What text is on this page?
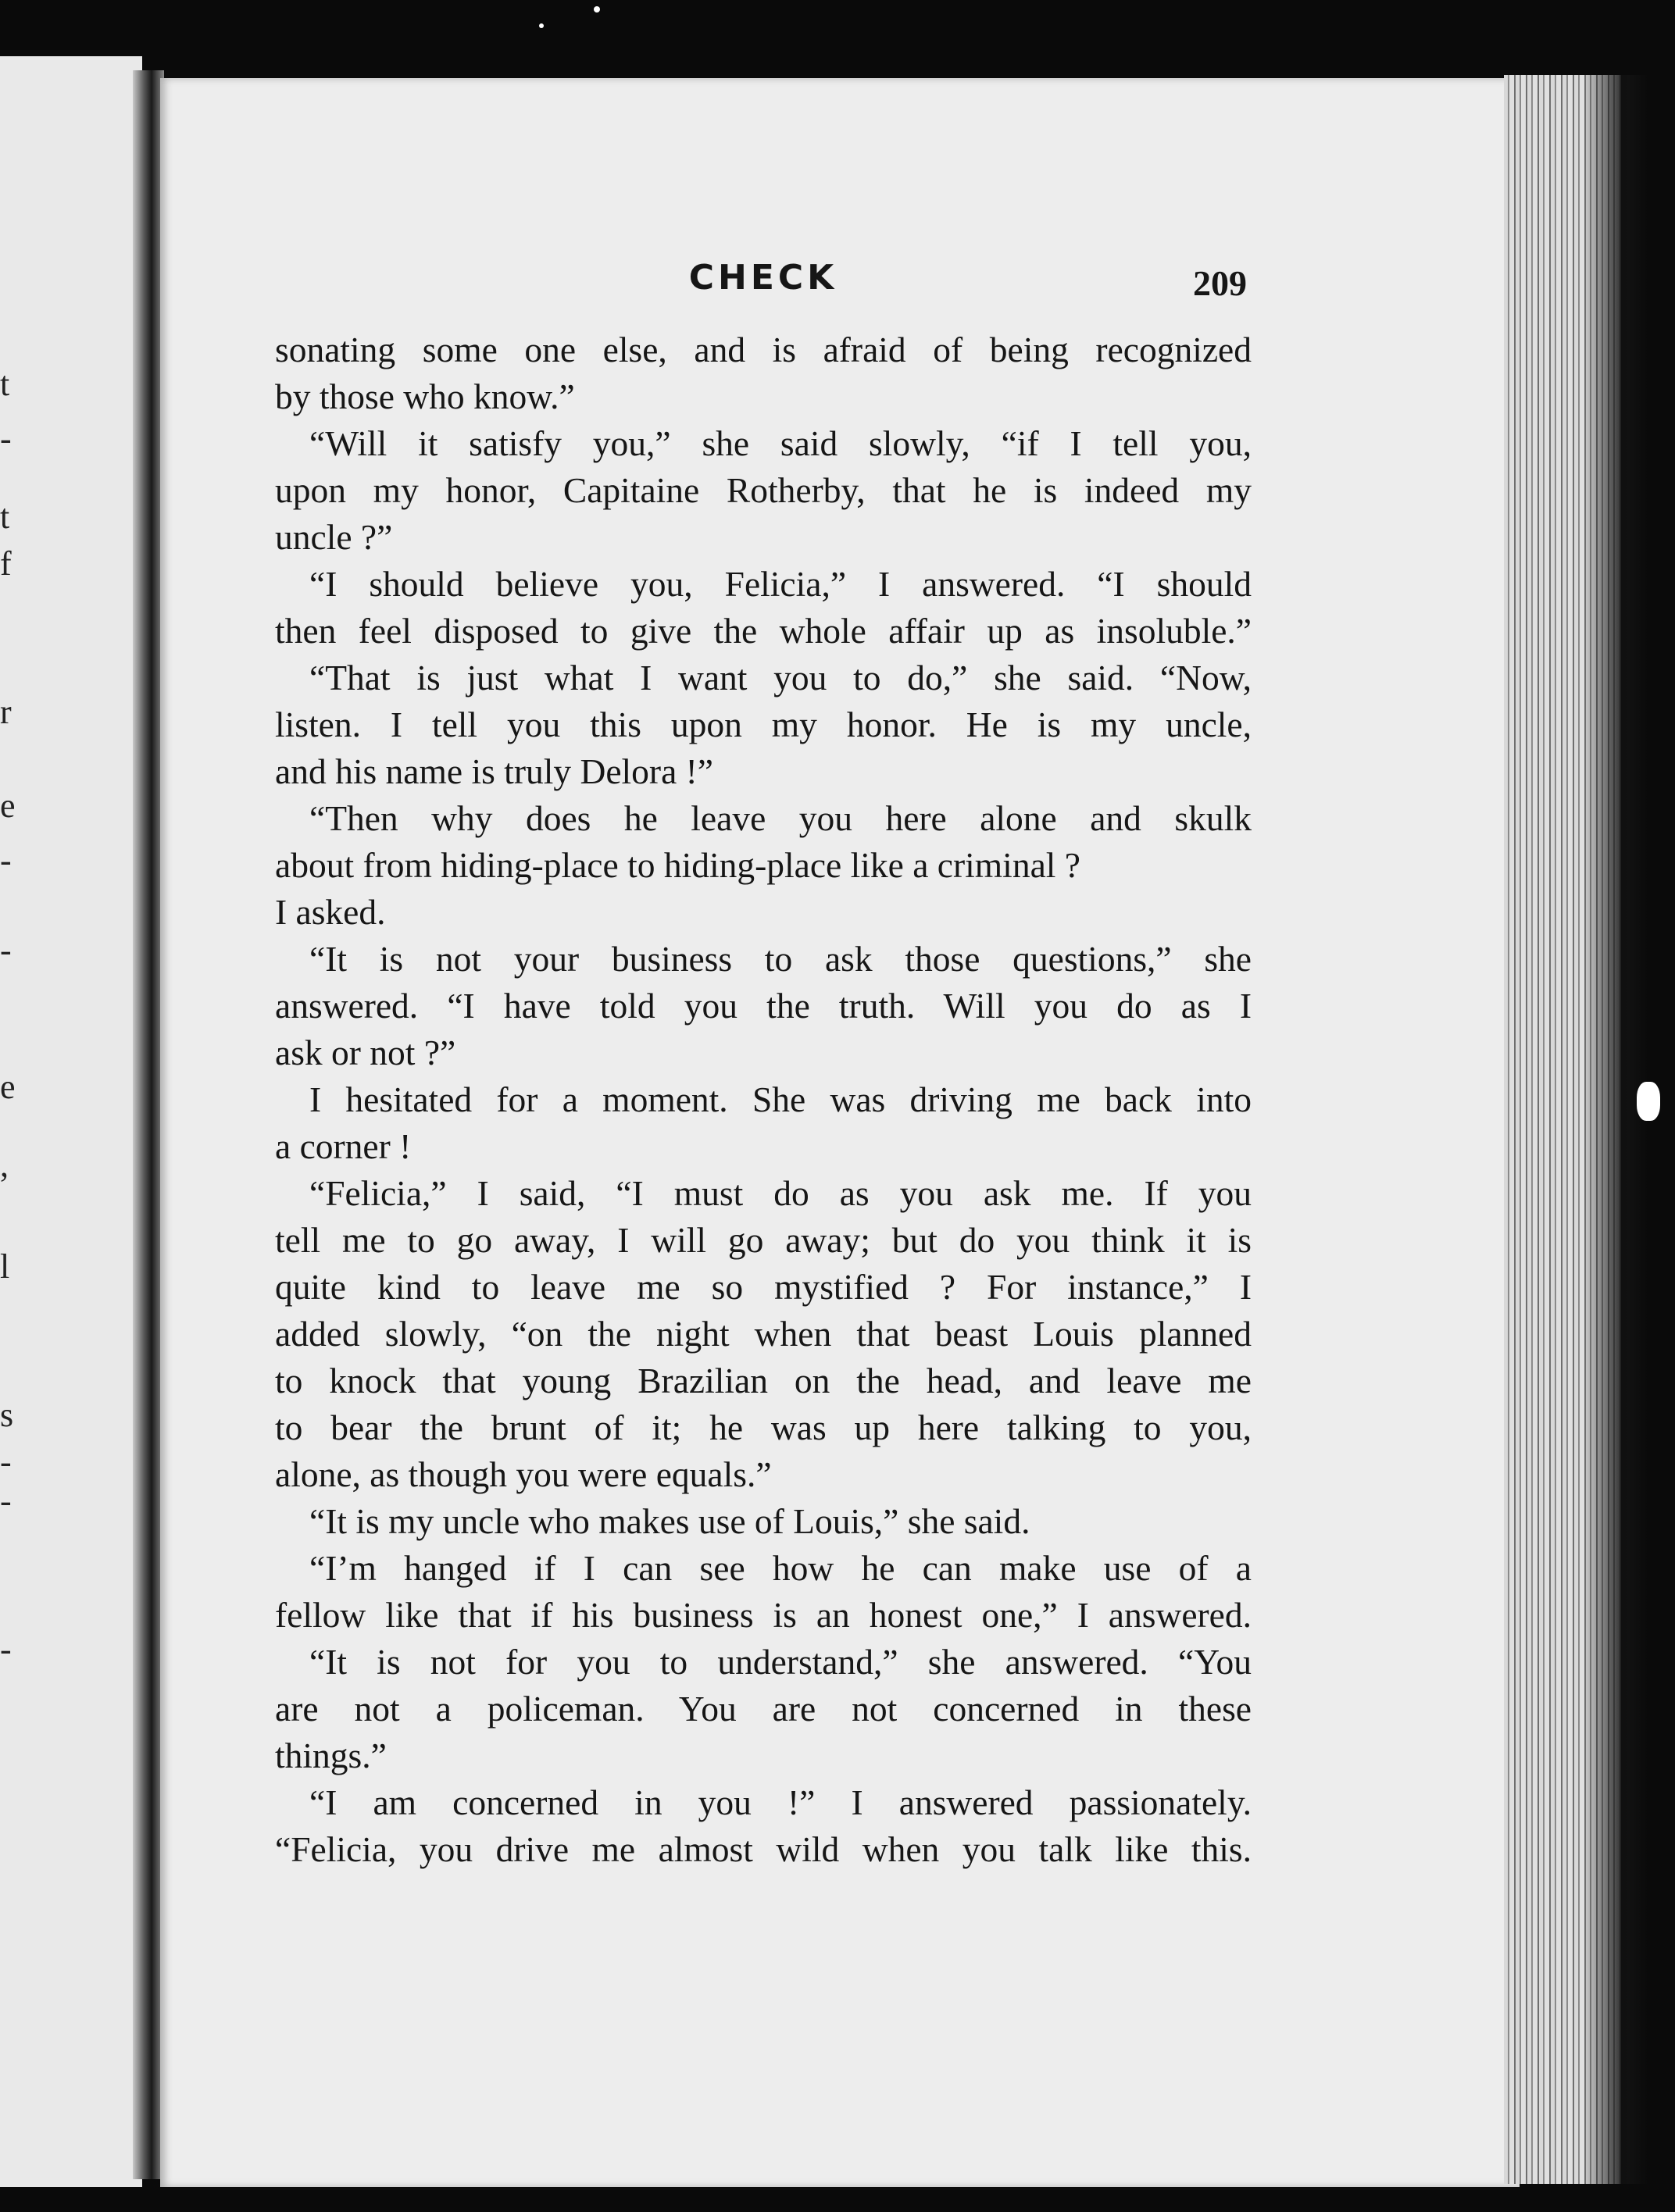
t
-
t
f
r
e
-
-
e
,
l
s
-
-
-
CHECK	209
sonating some one else, and is afraid of being recognized
by those who know.”
“Will it satisfy you,” she said slowly, “if I tell you,
upon my honor, Capitaine Rotherby, that he is indeed my
uncle ?”
“I should believe you, Felicia,” I answered. “I should
then feel disposed to give the whole affair up as insoluble.”
“That is just what I want you to do,” she said. “Now,
listen. I tell you this upon my honor. He is my uncle,
and his name is truly Delora !”
“Then why does he leave you here alone and skulk
about from hiding-place to hiding-place like a criminal ?
I asked.
“It is not your business to ask those questions,” she
answered. “I have told you the truth. Will you do as I
ask or not ?”
I hesitated for a moment. She was driving me back into
a corner !
“Felicia,” I said, “I must do as you ask me. If you
tell me to go away, I will go away; but do you think it is
quite kind to leave me so mystified ? For instance,” I
added slowly, “on the night when that beast Louis planned
to knock that young Brazilian on the head, and leave me
to bear the brunt of it; he was up here talking to you,
alone, as though you were equals.”
“It is my uncle who makes use of Louis,” she said.
“I’m hanged if I can see how he can make use of a
fellow like that if his business is an honest one,” I answered.
“It is not for you to understand,” she answered. “You
are not a policeman. You are not concerned in these
things.”
“I am concerned in you !” I answered passionately.
“Felicia, you drive me almost wild when you talk like this.
